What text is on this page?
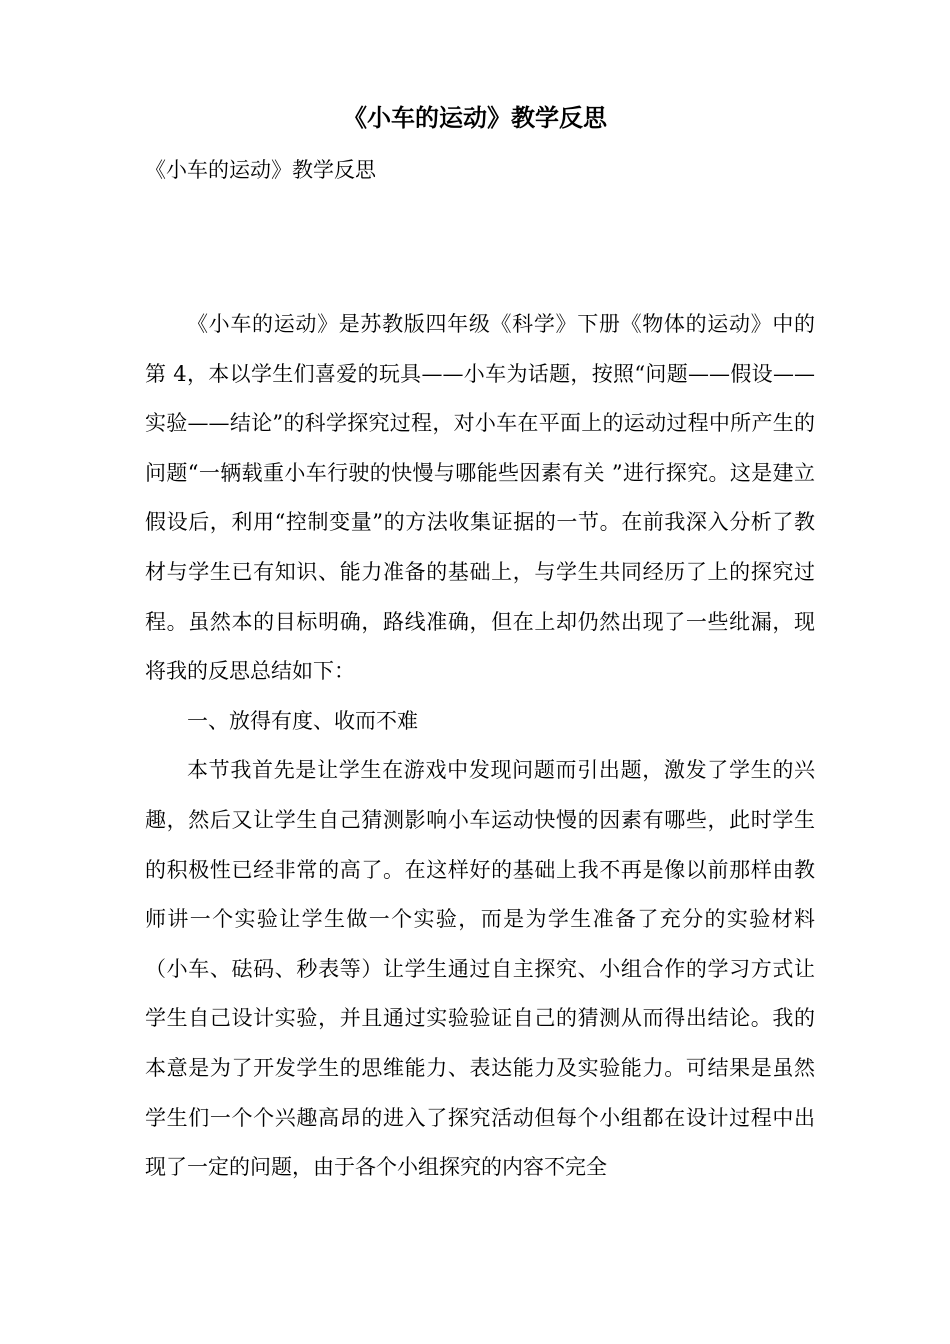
《小车的运动》教学反思
《小车的运动》教学反思

《小车的运动》是苏教版四年级《科学》下册《物体的运动》中的第 4，本以学生们喜爱的玩具——小车为话题，按照“问题——假设——实验——结论”的科学探究过程，对小车在平面上的运动过程中所产生的问题“一辆载重小车行驶的快慢与哪能些因素有关 ”进行探究。这是建立假设后，利用“控制变量”的方法收集证据的一节。在前我深入分析了教材与学生已有知识、能力准备的基础上，与学生共同经历了上的探究过程。虽然本的目标明确，路线准确，但在上却仍然出现了一些纰漏，现将我的反思总结如下：

一、放得有度、收而不难

本节我首先是让学生在游戏中发现问题而引出题，激发了学生的兴趣，然后又让学生自己猜测影响小车运动快慢的因素有哪些，此时学生的积极性已经非常的高了。在这样好的基础上我不再是像以前那样由教师讲一个实验让学生做一个实验，而是为学生准备了充分的实验材料（小车、砝码、秒表等）让学生通过自主探究、小组合作的学习方式让学生自己设计实验，并且通过实验验证自己的猜测从而得出结论。我的本意是为了开发学生的思维能力、表达能力及实验能力。可结果是虽然学生们一个个兴趣高昂的进入了探究活动但每个小组都在设计过程中出现了一定的问题，由于各个小组探究的内容不完全
